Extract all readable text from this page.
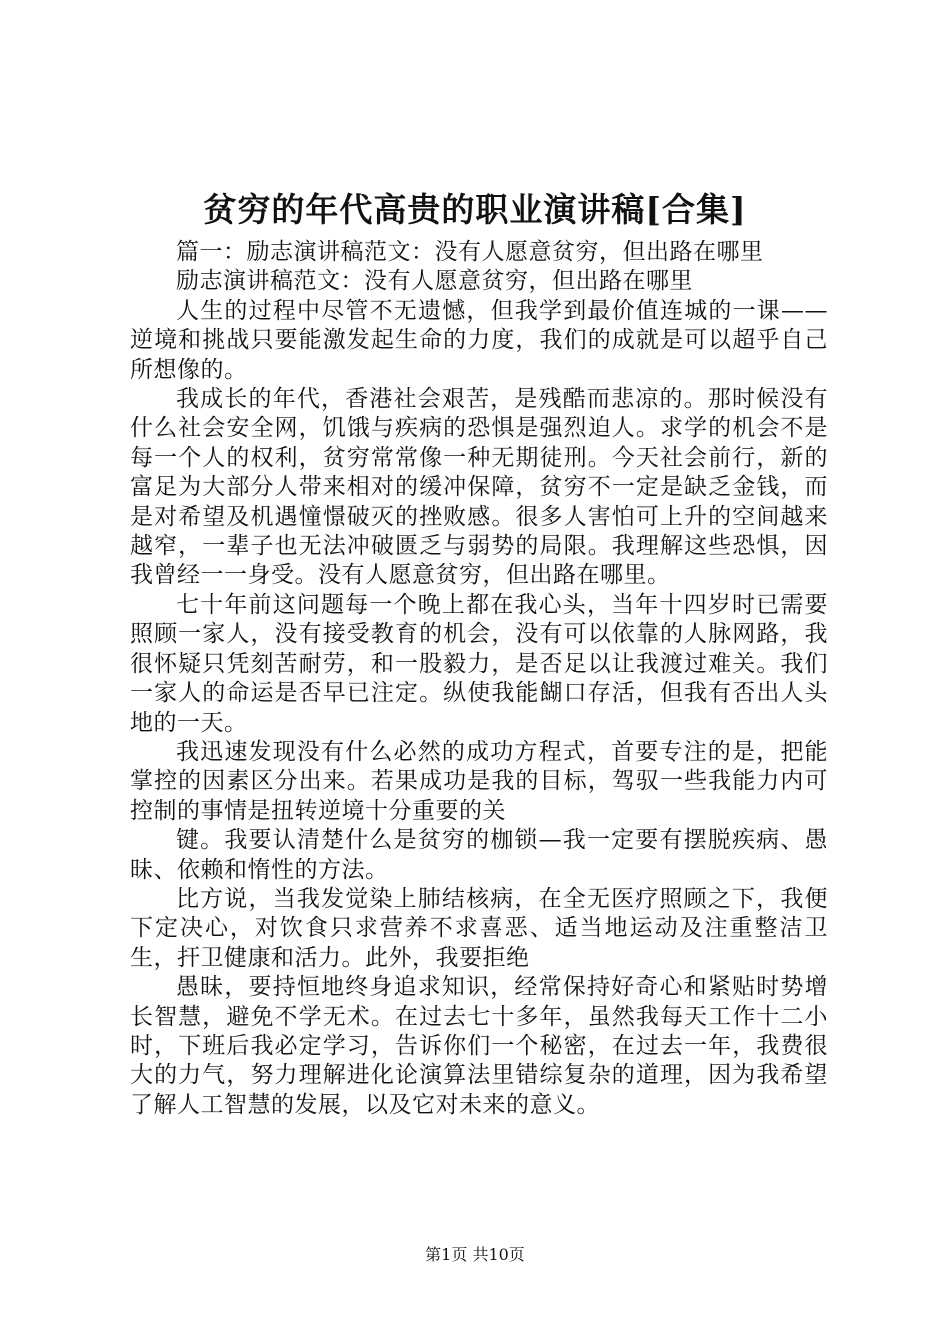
贫穷的年代高贵的职业演讲稿[合集]

篇一：励志演讲稿范文：没有人愿意贫穷，但出路在哪里

励志演讲稿范文：没有人愿意贫穷，但出路在哪里

人生的过程中尽管不无遗憾，但我学到最价值连城的一课——逆境和挑战只要能激发起生命的力度，我们的成就是可以超乎自己所想像的。

我成长的年代，香港社会艰苦，是残酷而悲凉的。那时候没有什么社会安全网，饥饿与疾病的恐惧是强烈迫人。求学的机会不是每一个人的权利，贫穷常常像一种无期徒刑。今天社会前行，新的富足为大部分人带来相对的缓冲保障，贫穷不一定是缺乏金钱，而是对希望及机遇憧憬破灭的挫败感。很多人害怕可上升的空间越来越窄，一辈子也无法冲破匮乏与弱势的局限。我理解这些恐惧，因我曾经一一身受。没有人愿意贫穷，但出路在哪里。

七十年前这问题每一个晚上都在我心头，当年十四岁时已需要照顾一家人，没有接受教育的机会，没有可以依靠的人脉网路，我很怀疑只凭刻苦耐劳，和一股毅力，是否足以让我渡过难关。我们一家人的命运是否早已注定。纵使我能餬口存活，但我有否出人头地的一天。

我迅速发现没有什么必然的成功方程式，首要专注的是，把能掌控的因素区分出来。若果成功是我的目标，驾驭一些我能力内可控制的事情是扭转逆境十分重要的关

键。我要认清楚什么是贫穷的枷锁—我一定要有摆脱疾病、愚昧、依赖和惰性的方法。

比方说，当我发觉染上肺结核病，在全无医疗照顾之下，我便下定决心，对饮食只求营养不求喜恶、适当地运动及注重整洁卫生，扞卫健康和活力。此外，我要拒绝

愚昧，要持恒地终身追求知识，经常保持好奇心和紧贴时势增长智慧，避免不学无术。在过去七十多年，虽然我每天工作十二小时，下班后我必定学习，告诉你们一个秘密，在过去一年，我费很大的力气，努力理解进化论演算法里错综复杂的道理，因为我希望了解人工智慧的发展，以及它对未来的意义。

第1页 共10页
